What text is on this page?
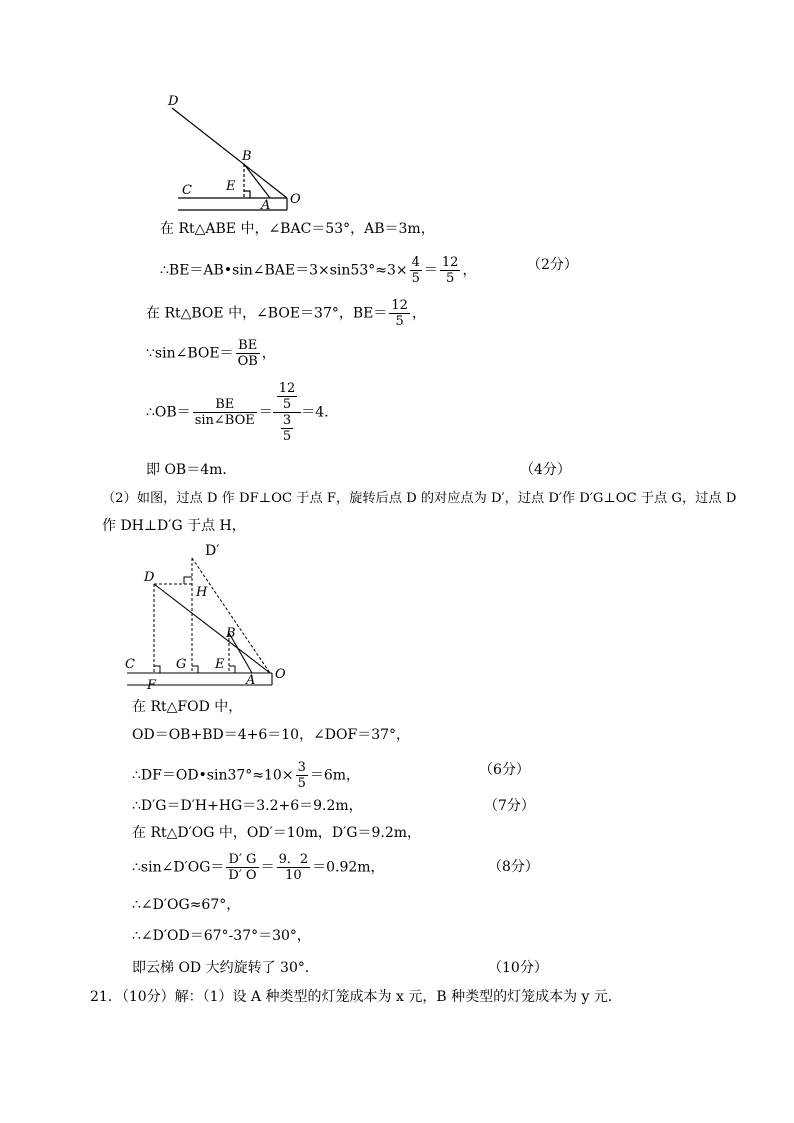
D
B
E
C
A O
在 Rt△ABE 中，∠BAC＝53°，AB＝3m，
∴BE＝AB•sin∠BAE＝3×sin53°≈3× $\frac{4}{5} = \frac{12}{5}$ ，	（2分）
在 Rt△BOE 中，∠BOE＝37°，$BE= \frac{12}{5}$ ，
∵sin∠BOE＝ $\frac{BE}{OB}$ ，
∴OB＝ $\frac{BE}{\text{sin∠BOE}} = \frac{\frac{12}{5}}{\frac{3}{5}} =4$．
即 OB＝4m．	（4分）
（2）如图，过点 D 作 DF⊥OC 于点 F，旋转后点 D 的对应点为 D′，过点 D′作 D′G⊥OC 于点 G，过点 D
作 DH⊥D′G 于点 H，
D′
D
H
B
C	G E
O
F	A
在 Rt△FOD 中，
OD＝OB+BD＝4+6＝10，∠DOF＝37°，
∴DF＝OD•sin37°≈10× $\frac{3}{5} =6m$，	（6分）
∴D′G＝D′H+HG＝3.2+6＝9.2m，	（7分）
在 Rt△D′OG 中，OD′＝10m，D′G＝9.2m，
∴sin∠D′OG＝ $\frac{D' G}{D' O} = \frac{9.2}{10} =0.92m$，	（8分）
∴∠D′OG≈67°，
∴∠D′OD＝67°-37°＝30°，
即云梯 OD 大约旋转了 30°．	（10分）
21．（10分）解：（1）设 A 种类型的灯笼成本为 x 元，B 种类型的灯笼成本为 y 元．
